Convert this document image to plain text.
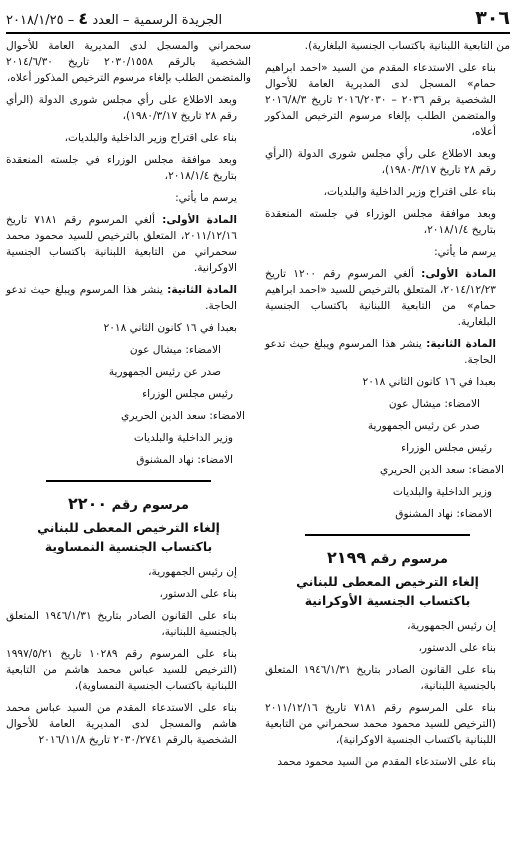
٣٠٦
الجريدة الرسمية – العدد ٤ – ٢٠١٨/١/٢٥

من التابعية اللبنانية باكتساب الجنسية البلغارية).

بناء على الاستدعاء المقدم من السيد «احمد ابراهيم حمام» المسجل لدى المديرية العامة للأحوال الشخصية برقم ٢٠٣٦ – ٢٠١٦/٢٠٣٠ تاريخ ٢٠١٦/٨/٣ والمتضمن الطلب بإلغاء مرسوم الترخيص المذكور أعلاه،

وبعد الاطلاع على رأي مجلس شورى الدولة (الرأي رقم ٢٨ تاريخ ١٩٨٠/٣/١٧)،

بناء على اقتراح وزير الداخلية والبلديات،

وبعد موافقة مجلس الوزراء في جلسته المنعقدة بتاريخ ٢٠١٨/١/٤،

يرسم ما يأتي:

المادة الأولى: ألغي المرسوم رقم ١٢٠٠ تاريخ ٢٠١٤/١٢/٢٣، المتعلق بالترخيص للسيد «احمد ابراهيم حمام» من التابعية اللبنانية باكتساب الجنسية البلغارية.

المادة الثانية: ينشر هذا المرسوم ويبلغ حيث تدعو الحاجة.

بعبدا في ١٦ كانون الثاني ٢٠١٨

الامضاء: ميشال عون

صدر عن رئيس الجمهورية

رئيس مجلس الوزراء

الامضاء: سعد الدين الحريري

وزير الداخلية والبلديات

الامضاء: نهاد المشنوق

مرسوم رقم ٢١٩٩
إلغاء الترخيص المعطى للبناني
باكتساب الجنسية الأوكرانية

إن رئيس الجمهورية،

بناء على الدستور،

بناء على القانون الصادر بتاريخ ١٩٤٦/١/٣١ المتعلق بالجنسية اللبنانية،

بناء على المرسوم رقم ٧١٨١ تاريخ ٢٠١١/١٢/١٦ (الترخيص للسيد محمود محمد سحمراني من التابعية اللبنانية باكتساب الجنسية الاوكرانية)،

بناء على الاستدعاء المقدم من السيد محمود محمد

سحمراني والمسجل لدى المديرية العامة للأحوال الشخصية بالرقم ٢٠٣٠/١٥٥٨ تاريخ ٢٠١٤/٦/٣٠ والمتضمن الطلب بإلغاء مرسوم الترخيص المذكور أعلاه،

وبعد الاطلاع على رأي مجلس شورى الدولة (الرأي رقم ٢٨ تاريخ ١٩٨٠/٣/١٧)،

بناء على اقتراح وزير الداخلية والبلديات،

وبعد موافقة مجلس الوزراء في جلسته المنعقدة بتاريخ ٢٠١٨/١/٤،

يرسم ما يأتي:

المادة الأولى: ألغي المرسوم رقم ٧١٨١ تاريخ ٢٠١١/١٢/١٦، المتعلق بالترخيص للسيد محمود محمد سحمراني من التابعية اللبنانية باكتساب الجنسية الاوكرانية.

المادة الثانية: ينشر هذا المرسوم ويبلغ حيث تدعو الحاجة.

بعبدا في ١٦ كانون الثاني ٢٠١٨

الامضاء: ميشال عون

صدر عن رئيس الجمهورية

رئيس مجلس الوزراء

الامضاء: سعد الدين الحريري

وزير الداخلية والبلديات

الامضاء: نهاد المشنوق

مرسوم رقم ٢٢٠٠
إلغاء الترخيص المعطى للبناني
باكتساب الجنسية النمساوية

إن رئيس الجمهورية،

بناء على الدستور،

بناء على القانون الصادر بتاريخ ١٩٤٦/١/٣١ المتعلق بالجنسية اللبنانية،

بناء على المرسوم رقم ١٠٢٨٩ تاريخ ١٩٩٧/٥/٢١ (الترخيص للسيد عباس محمد هاشم من التابعية اللبنانية باكتساب الجنسية النمساوية)،

بناء على الاستدعاء المقدم من السيد عباس محمد هاشم والمسجل لدى المديرية العامة للأحوال الشخصية بالرقم ٢٠٣٠/٢٧٤١ تاريخ ٢٠١٦/١١/٨
